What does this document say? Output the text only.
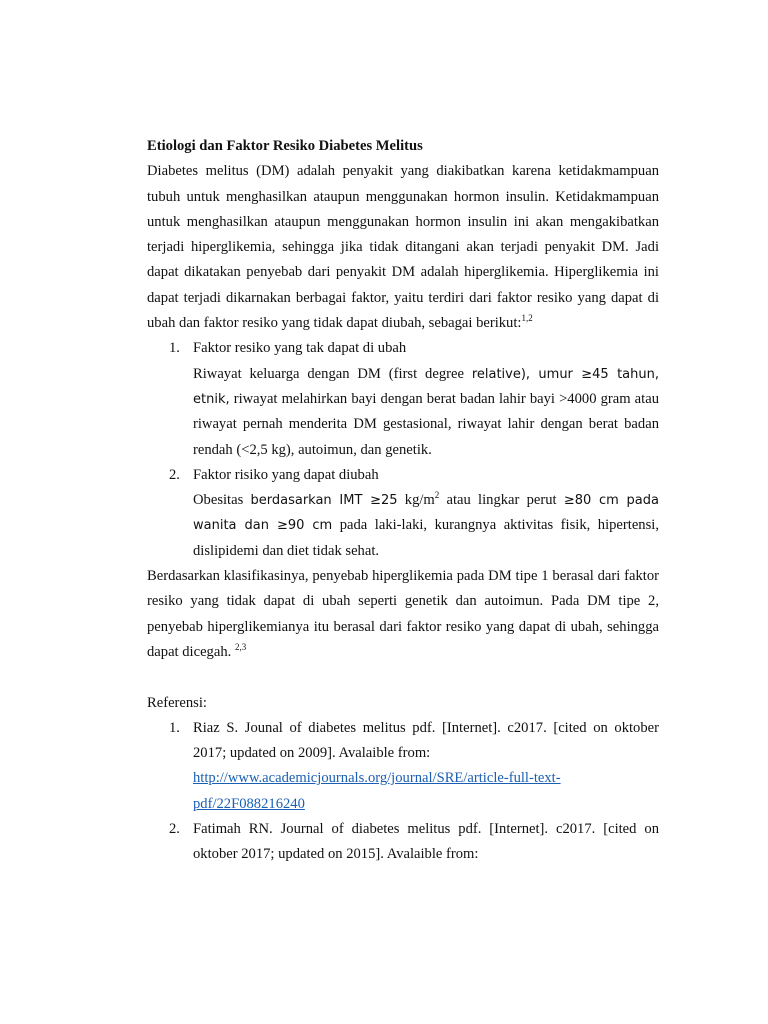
Etiologi dan Faktor Resiko Diabetes Melitus

Diabetes melitus (DM) adalah penyakit yang diakibatkan karena ketidakmampuan tubuh untuk menghasilkan ataupun menggunakan hormon insulin. Ketidakmampuan untuk menghasilkan ataupun menggunakan hormon insulin ini akan mengakibatkan terjadi hiperglikemia, sehingga jika tidak ditangani akan terjadi penyakit DM. Jadi dapat dikatakan penyebab dari penyakit DM adalah hiperglikemia. Hiperglikemia ini dapat terjadi dikarnakan berbagai faktor, yaitu terdiri dari faktor resiko yang dapat di ubah dan faktor resiko yang tidak dapat diubah, sebagai berikut:$^{1,2}$

1. Faktor resiko yang tak dapat di ubah
Riwayat keluarga dengan DM (first degree relative), umur ≥45 tahun, etnik, riwayat melahirkan bayi dengan berat badan lahir bayi >4000 gram atau riwayat pernah menderita DM gestasional, riwayat lahir dengan berat badan rendah (<2,5 kg), autoimun, dan genetik.
2. Faktor risiko yang dapat diubah
Obesitas berdasarkan IMT ≥25 $kg/m^2$ atau lingkar perut ≥80 cm pada wanita dan ≥90 cm pada laki-laki, kurangnya aktivitas fisik, hipertensi, dislipidemi dan diet tidak sehat.

Berdasarkan klasifikasinya, penyebab hiperglikemia pada DM tipe 1 berasal dari faktor resiko yang tidak dapat di ubah seperti genetik dan autoimun. Pada DM tipe 2, penyebab hiperglikemianya itu berasal dari faktor resiko yang dapat di ubah, sehingga dapat dicegah. $^{2,3}$

Referensi:

1. Riaz S. Jounal of diabetes melitus pdf. [Internet]. c2017. [cited on oktober 2017; updated on 2009]. Avalaible from:
http://www.academicjournals.org/journal/SRE/article-full-text-pdf/22F088216240
2. Fatimah RN. Journal of diabetes melitus pdf. [Internet]. c2017. [cited on oktober 2017; updated on 2015]. Avalaible from:
